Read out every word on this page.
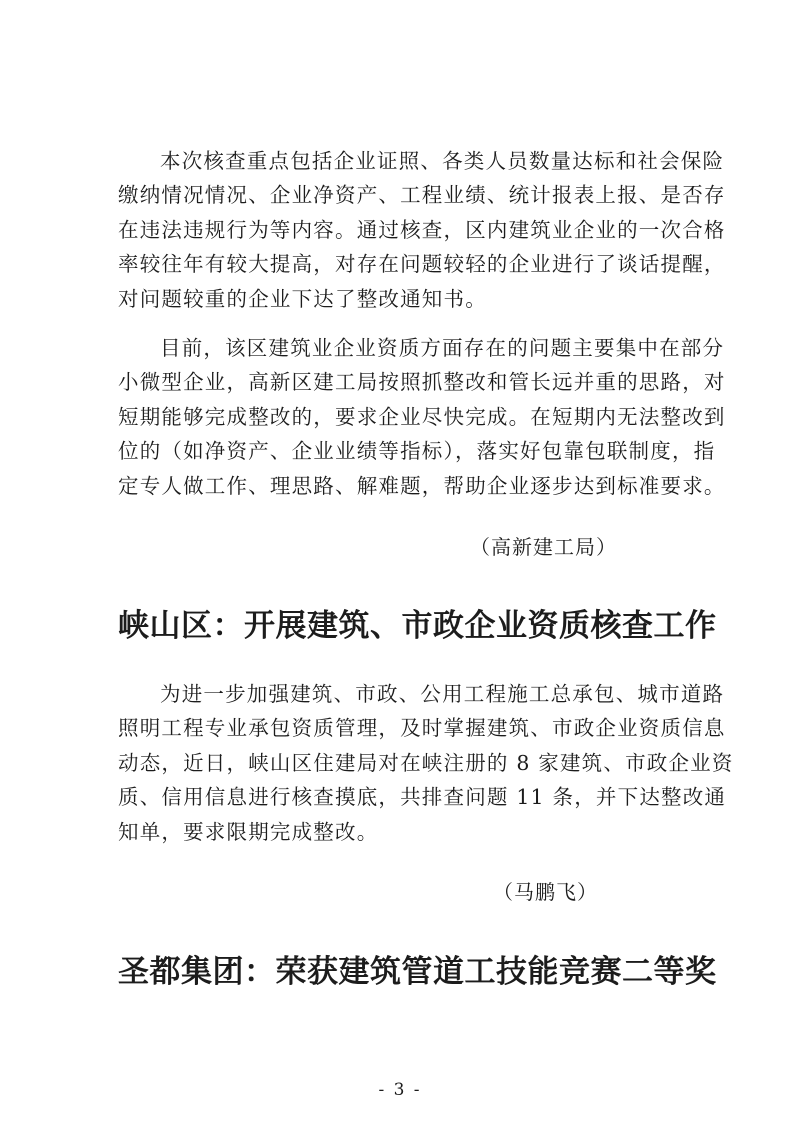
本次核查重点包括企业证照、各类人员数量达标和社会保险
缴纳情况情况、企业净资产、工程业绩、统计报表上报、是否存
在违法违规行为等内容。通过核查，区内建筑业企业的一次合格
率较往年有较大提高，对存在问题较轻的企业进行了谈话提醒，
对问题较重的企业下达了整改通知书。
目前，该区建筑业企业资质方面存在的问题主要集中在部分
小微型企业，高新区建工局按照抓整改和管长远并重的思路，对
短期能够完成整改的，要求企业尽快完成。在短期内无法整改到
位的（如净资产、企业业绩等指标），落实好包靠包联制度，指
定专人做工作、理思路、解难题，帮助企业逐步达到标准要求。

（高新建工局）

峡山区：开展建筑、市政企业资质核查工作
为进一步加强建筑、市政、公用工程施工总承包、城市道路
照明工程专业承包资质管理，及时掌握建筑、市政企业资质信息
动态，近日，峡山区住建局对在峡注册的 8 家建筑、市政企业资
质、信用信息进行核查摸底，共排查问题 11 条，并下达整改通
知单，要求限期完成整改。

（马鹏飞）

圣都集团：荣获建筑管道工技能竞赛二等奖
- 3 -
